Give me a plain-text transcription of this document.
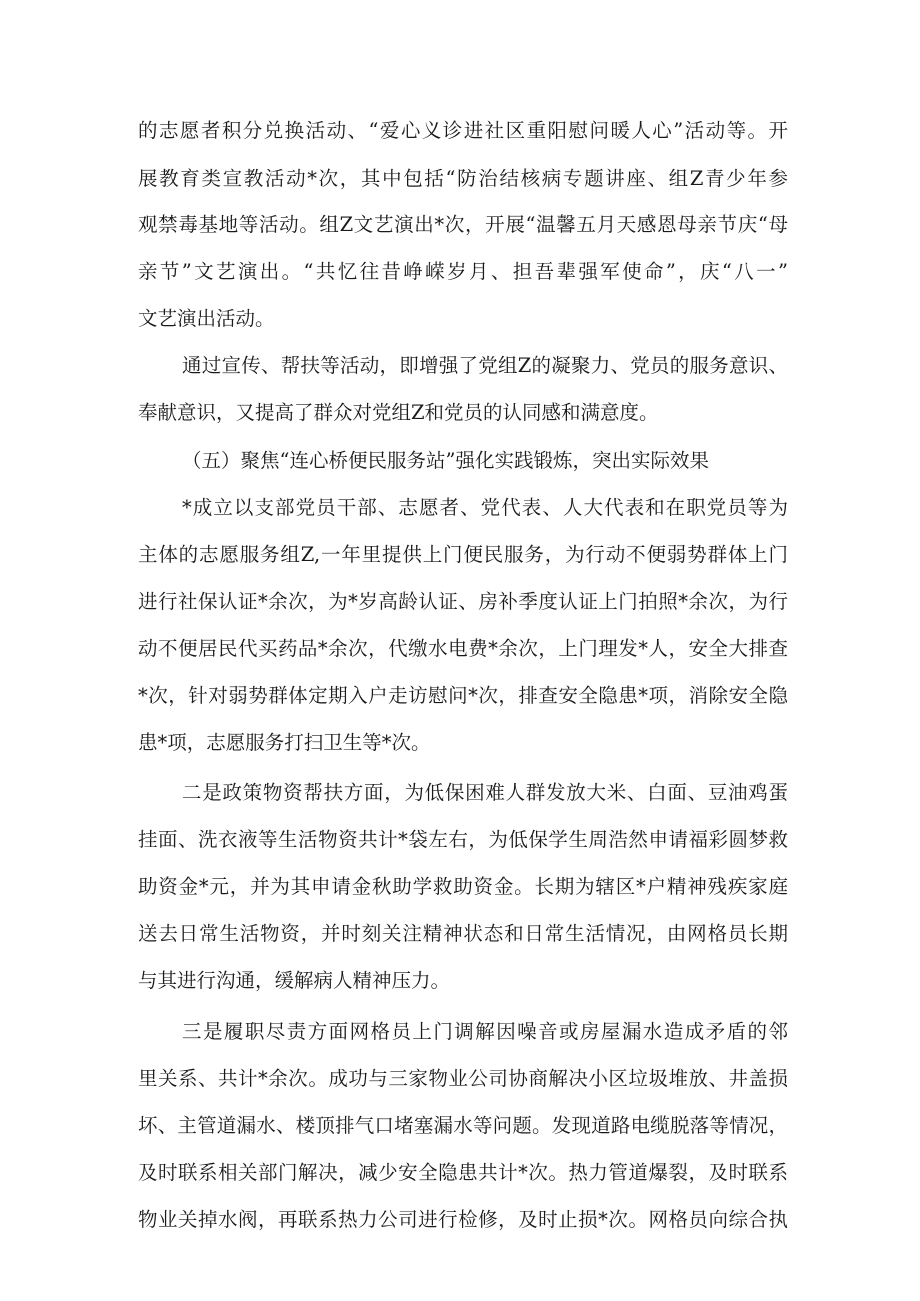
的志愿者积分兑换活动、“爱心义诊进社区重阳慰问暖人心”活动等。开
展教育类宣教活动*次，其中包括“防治结核病专题讲座、组Z青少年参
观禁毒基地等活动。组Z文艺演出*次，开展“温馨五月天感恩母亲节庆“母
亲节”文艺演出。“共忆往昔峥嵘岁月、担吾辈强军使命”，庆“八一”
文艺演出活动。
通过宣传、帮扶等活动，即增强了党组Z的凝聚力、党员的服务意识、
奉献意识，又提高了群众对党组Z和党员的认同感和满意度。
（五）聚焦“连心桥便民服务站”强化实践锻炼，突出实际效果
*成立以支部党员干部、志愿者、党代表、人大代表和在职党员等为
主体的志愿服务组Z,一年里提供上门便民服务，为行动不便弱势群体上门
进行社保认证*余次，为*岁高龄认证、房补季度认证上门拍照*余次，为行
动不便居民代买药品*余次，代缴水电费*余次，上门理发*人，安全大排查
*次，针对弱势群体定期入户走访慰问*次，排查安全隐患*项，消除安全隐
患*项，志愿服务打扫卫生等*次。
二是政策物资帮扶方面，为低保困难人群发放大米、白面、豆油鸡蛋
挂面、洗衣液等生活物资共计*袋左右，为低保学生周浩然申请福彩圆梦救
助资金*元，并为其申请金秋助学救助资金。长期为辖区*户精神残疾家庭
送去日常生活物资，并时刻关注精神状态和日常生活情况，由网格员长期
与其进行沟通，缓解病人精神压力。
三是履职尽责方面网格员上门调解因噪音或房屋漏水造成矛盾的邻
里关系、共计*余次。成功与三家物业公司协商解决小区垃圾堆放、井盖损
坏、主管道漏水、楼顶排气口堵塞漏水等问题。发现道路电缆脱落等情况，
及时联系相关部门解决，减少安全隐患共计*次。热力管道爆裂，及时联系
物业关掉水阀，再联系热力公司进行检修，及时止损*次。网格员向综合执
